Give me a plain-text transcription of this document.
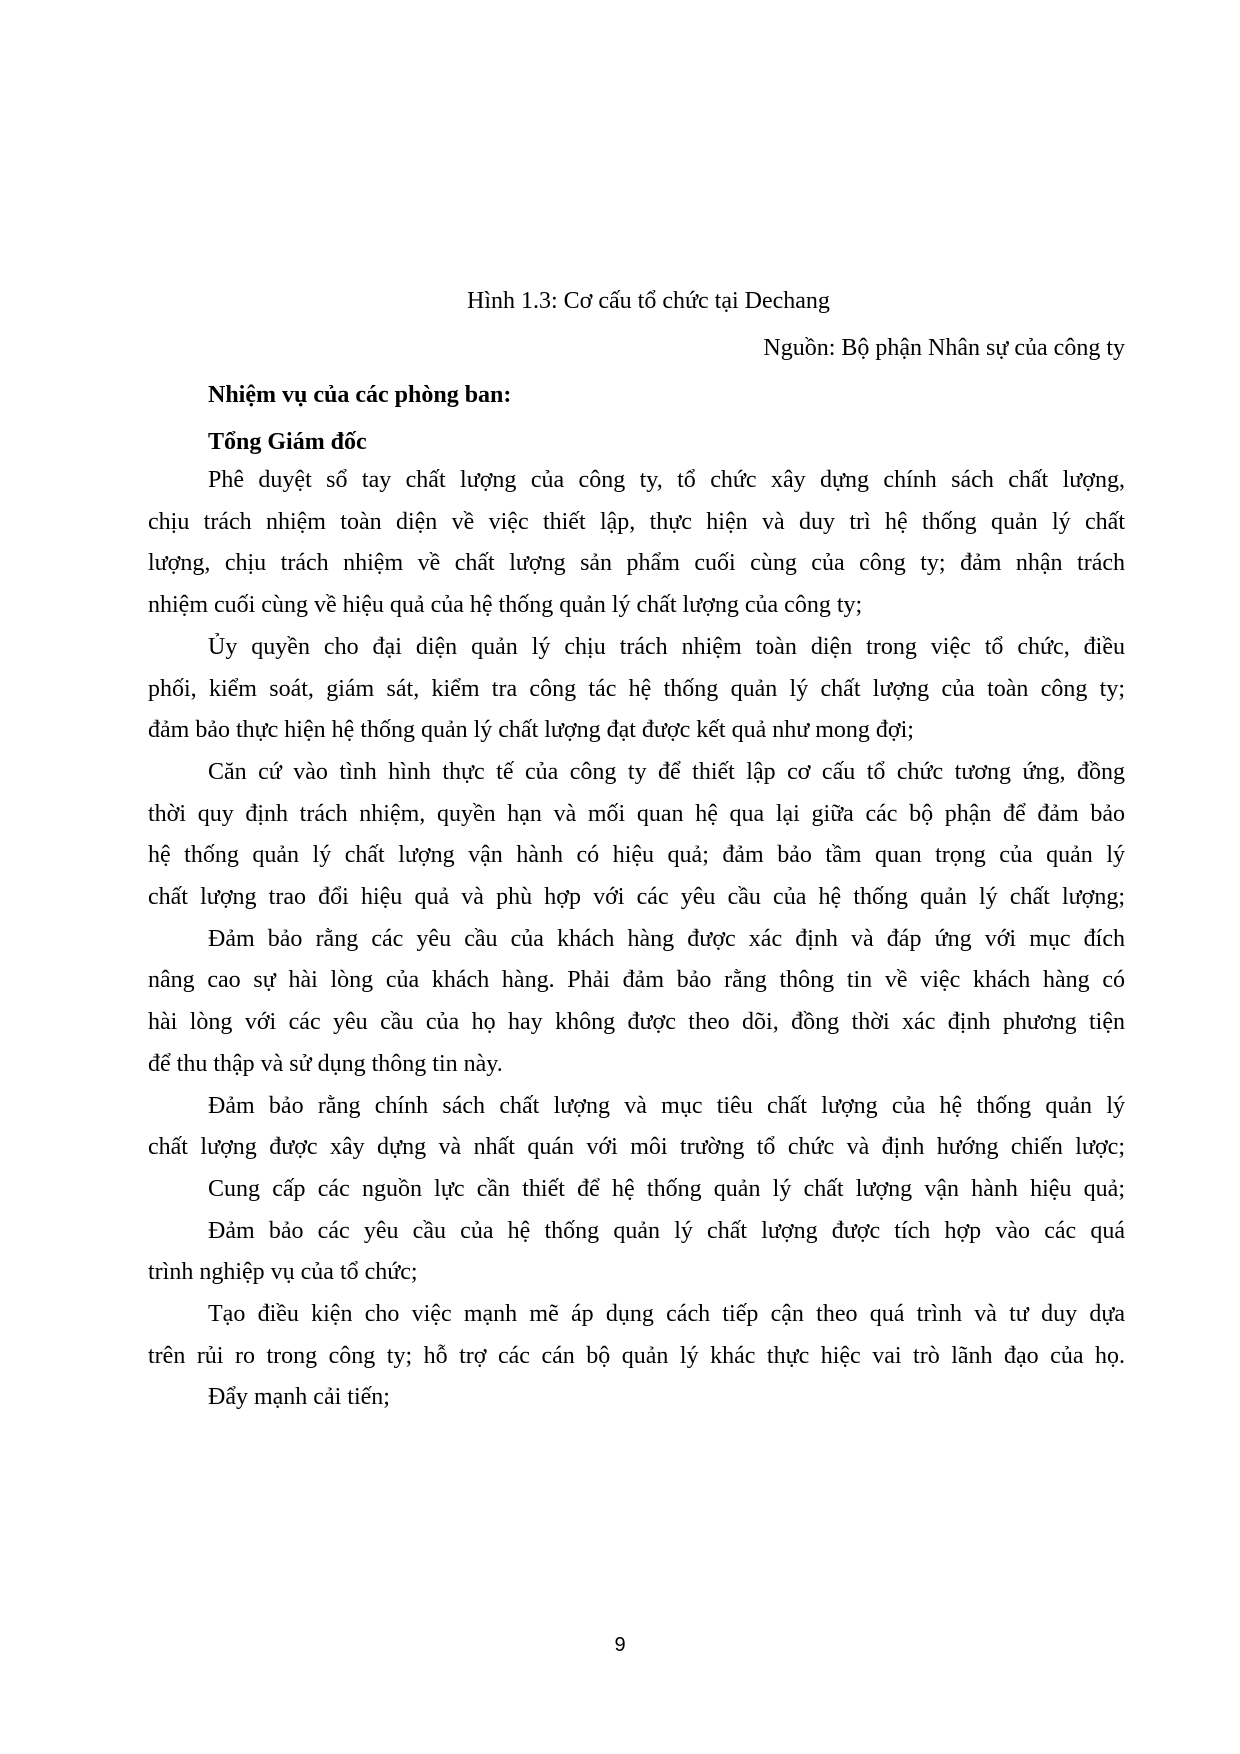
Hình 1.3: Cơ cấu tổ chức tại Dechang
Nguồn: Bộ phận Nhân sự của công ty
Nhiệm vụ của các phòng ban:
Tổng Giám đốc
Phê duyệt sổ tay chất lượng của công ty, tổ chức xây dựng chính sách chất lượng,
chịu trách nhiệm toàn diện về việc thiết lập, thực hiện và duy trì hệ thống quản lý chất
lượng, chịu trách nhiệm về chất lượng sản phẩm cuối cùng của công ty; đảm nhận trách
nhiệm cuối cùng về hiệu quả của hệ thống quản lý chất lượng của công ty;
Ủy quyền cho đại diện quản lý chịu trách nhiệm toàn diện trong việc tổ chức, điều
phối, kiểm soát, giám sát, kiểm tra công tác hệ thống quản lý chất lượng của toàn công ty;
đảm bảo thực hiện hệ thống quản lý chất lượng đạt được kết quả như mong đợi;
Căn cứ vào tình hình thực tế của công ty để thiết lập cơ cấu tổ chức tương ứng, đồng
thời quy định trách nhiệm, quyền hạn và mối quan hệ qua lại giữa các bộ phận để đảm bảo
hệ thống quản lý chất lượng vận hành có hiệu quả; đảm bảo tầm quan trọng của quản lý
chất lượng trao đổi hiệu quả và phù hợp với các yêu cầu của hệ thống quản lý chất lượng;
Đảm bảo rằng các yêu cầu của khách hàng được xác định và đáp ứng với mục đích
nâng cao sự hài lòng của khách hàng. Phải đảm bảo rằng thông tin về việc khách hàng có
hài lòng với các yêu cầu của họ hay không được theo dõi, đồng thời xác định phương tiện
để thu thập và sử dụng thông tin này.
Đảm bảo rằng chính sách chất lượng và mục tiêu chất lượng của hệ thống quản lý
chất lượng được xây dựng và nhất quán với môi trường tổ chức và định hướng chiến lược;
Cung cấp các nguồn lực cần thiết để hệ thống quản lý chất lượng vận hành hiệu quả;
Đảm bảo các yêu cầu của hệ thống quản lý chất lượng được tích hợp vào các quá
trình nghiệp vụ của tổ chức;
Tạo điều kiện cho việc mạnh mẽ áp dụng cách tiếp cận theo quá trình và tư duy dựa
trên rủi ro trong công ty; hỗ trợ các cán bộ quản lý khác thực hiệc vai trò lãnh đạo của họ.
Đẩy mạnh cải tiến;
9
